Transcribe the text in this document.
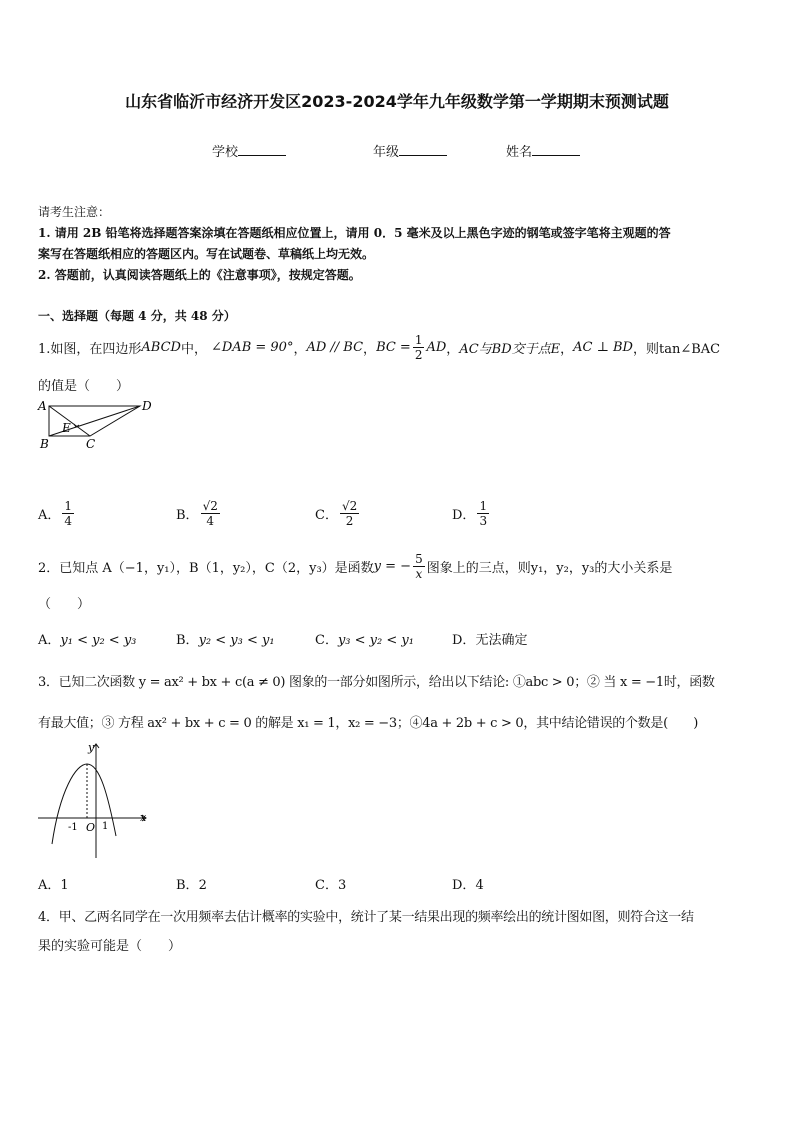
山东省临沂市经济开发区2023-2024学年九年级数学第一学期期末预测试题
学校	年级	姓名
请考生注意：
1. 请用 2B 铅笔将选择题答案涂填在答题纸相应位置上，请用 0．5 毫米及以上黑色字迹的钢笔或签字笔将主观题的答
案写在答题纸相应的答题区内。写在试题卷、草稿纸上均无效。
2. 答题前，认真阅读答题纸上的《注意事项》，按规定答题。
一、选择题（每题 4 分，共 48 分）
1.如图，在四边形 ABCD 中， ∠DAB = 90° ， AD // BC ， BC = $\frac{1}{2}$ AD ， AC与BD交于点E ， AC ⊥ BD ， 则tan∠BAC
的值是（　　）
A	D
E
B	C
A． $\frac{1}{4}$	B． $\frac{√2}{4}$	C． $\frac{√2}{2}$	D． $\frac{1}{3}$
2．已知点 A（−1，y₁），B（1，y₂），C（2，y₃）是函数 y = − $\frac{5}{x}$ 图象上的三点，则y₁，y₂，y₃的大小关系是
（　　）
A．y₁ < y₂ < y₃	B．y₂ < y₃ < y₁	C．y₃ < y₂ < y₁	D．无法确定
3．已知二次函数 y = ax² + bx + c(a ≠ 0) 图象的一部分如图所示，给出以下结论: ①abc > 0；② 当 x = −1时，函数
有最大值；③ 方程 ax² + bx + c = 0 的解是 x₁ = 1，x₂ = −3；④4a + 2b + c > 0，其中结论错误的个数是(　　)
y
x
-1 O 1
A．1	B．2	C．3	D．4
4．甲、乙两名同学在一次用频率去估计概率的实验中，统计了某一结果出现的频率绘出的统计图如图，则符合这一结
果的实验可能是（　　）
